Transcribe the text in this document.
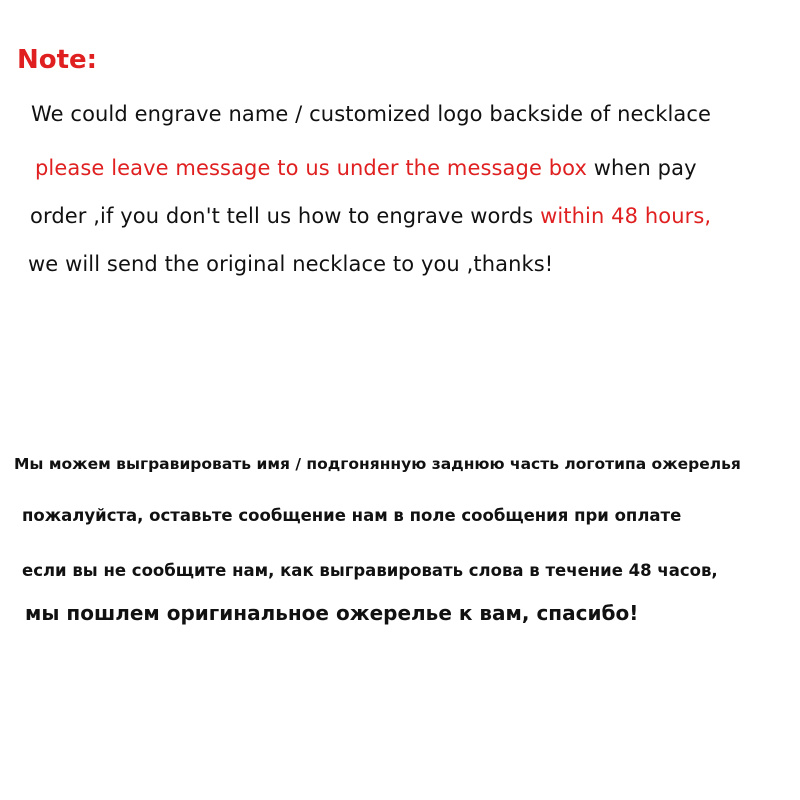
Note:

We could engrave name / customized logo backside of necklace

please leave message to us under the message box when pay

order ,if you don't tell us how to engrave words within 48 hours,

we will send the original necklace to you ,thanks!

Мы можем выгравировать имя / подгонянную заднюю часть логотипа ожерелья

пожалуйста, оставьте сообщение нам в поле сообщения при оплате

если вы не сообщите нам, как выгравировать слова в течение 48 часов,

мы пошлем оригинальное ожерелье к вам, спасибо!
